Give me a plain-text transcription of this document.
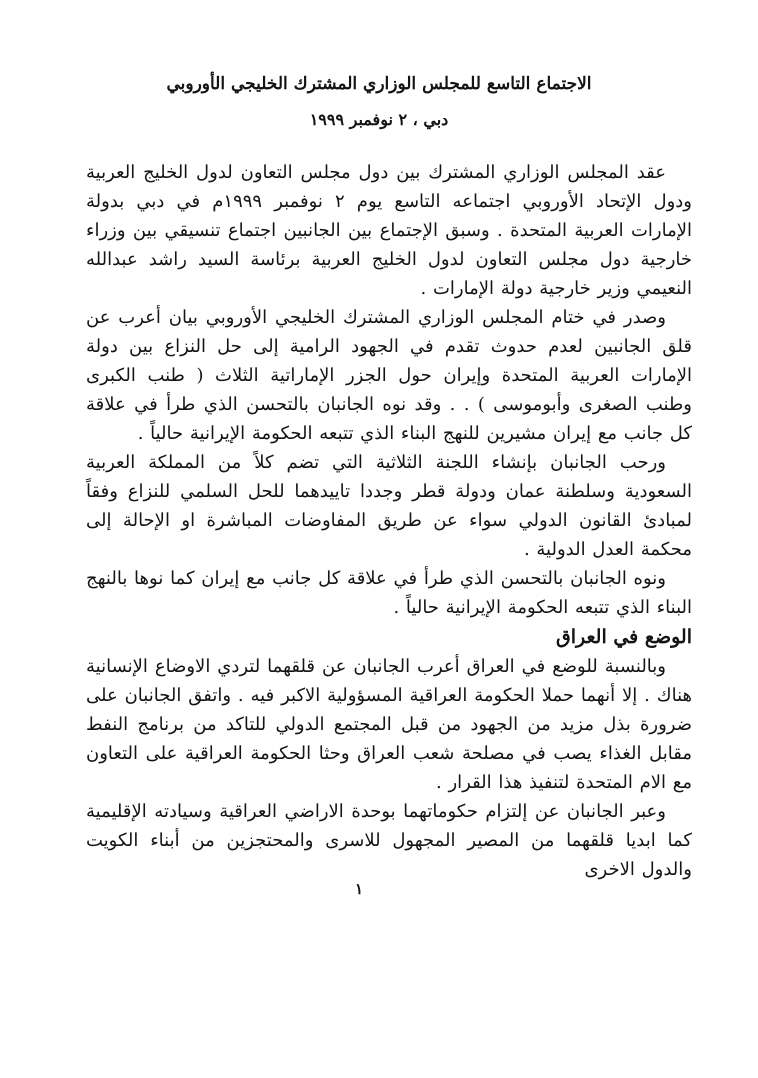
الاجتماع التاسع للمجلس الوزاري المشترك الخليجي الأوروبي
دبي ، ٢ نوفمبر ١٩٩٩

عقد المجلس الوزاري المشترك بين دول مجلس التعاون لدول الخليج العربية ودول الإتحاد الأوروبي اجتماعه التاسع يوم ٢ نوفمبر ١٩٩٩م في دبي بدولة الإمارات العربية المتحدة . وسبق الإجتماع بين الجانبين اجتماع تنسيقي بين وزراء خارجية دول مجلس التعاون لدول الخليج العربية برئاسة السيد راشد عبدالله النعيمي وزير خارجية دولة الإمارات .

وصدر في ختام المجلس الوزاري المشترك الخليجي الأوروبي بيان أعرب عن قلق الجانبين لعدم حدوث تقدم في الجهود الرامية إلى حل النزاع بين دولة الإمارات العربية المتحدة وإيران حول الجزر الإماراتية الثلاث ( طنب الكبرى وطنب الصغرى وأبوموسى ) . . وقد نوه الجانبان بالتحسن الذي طرأ في علاقة كل جانب مع إيران مشيرين للنهج البناء الذي تتبعه الحكومة الإيرانية حالياً .

ورحب الجانبان بإنشاء اللجنة الثلاثية التي تضم كلاً من المملكة العربية السعودية وسلطنة عمان ودولة قطر وجددا تاييدهما للحل السلمي للنزاع وفقاً لمبادئ القانون الدولي سواء عن طريق المفاوضات المباشرة او الإحالة إلى محكمة العدل الدولية .

ونوه الجانبان بالتحسن الذي طرأ في علاقة كل جانب مع إيران كما نوها بالنهج البناء الذي تتبعه الحكومة الإيرانية حالياً .

الوضع في العراق

وبالنسبة للوضع في العراق أعرب الجانبان عن قلقهما لتردي الاوضاع الإنسانية هناك . إلا أنهما حملا الحكومة العراقية المسؤولية الاكبر فيه . واتفق الجانبان على ضرورة بذل مزيد من الجهود من قبل المجتمع الدولي للتاكد من برنامج النفط مقابل الغذاء يصب في مصلحة شعب العراق وحثا الحكومة العراقية على التعاون مع الام المتحدة لتنفيذ هذا القرار .

وعبر الجانبان عن إلتزام حكوماتهما بوحدة الاراضي العراقية وسيادته الإقليمية كما ابديا قلقهما من المصير المجهول للاسرى والمحتجزين من أبناء الكويت والدول الاخرى

١
